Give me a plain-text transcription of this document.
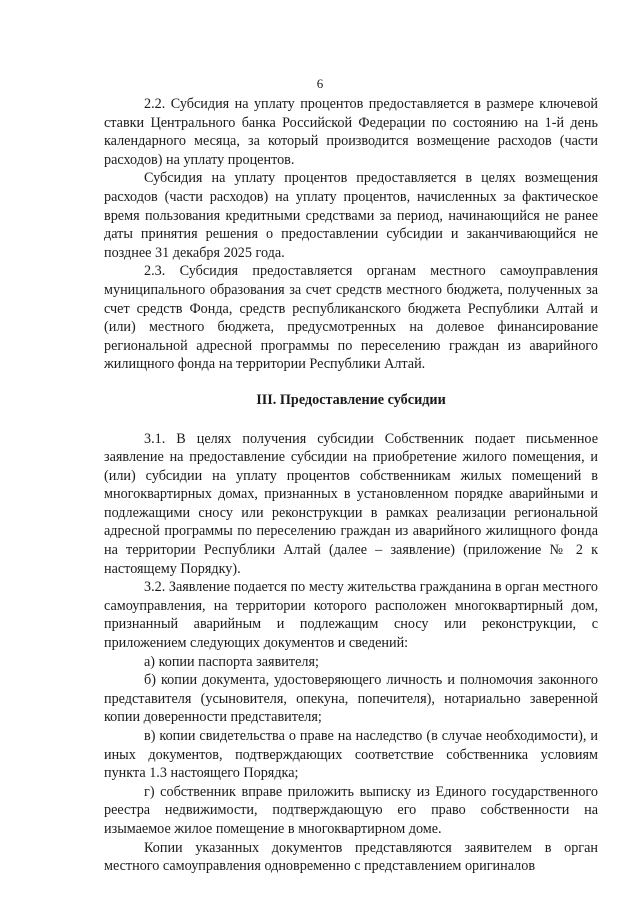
6

2.2. Субсидия на уплату процентов предоставляется в размере ключевой ставки Центрального банка Российской Федерации по состоянию на 1-й день календарного месяца, за который производится возмещение расходов (части расходов) на уплату процентов.

Субсидия на уплату процентов предоставляется в целях возмещения расходов (части расходов) на уплату процентов, начисленных за фактическое время пользования кредитными средствами за период, начинающийся не ранее даты принятия решения о предоставлении субсидии и заканчивающийся не позднее 31 декабря 2025 года.

2.3. Субсидия предоставляется органам местного самоуправления муниципального образования за счет средств местного бюджета, полученных за счет средств Фонда, средств республиканского бюджета Республики Алтай и (или) местного бюджета, предусмотренных на долевое финансирование региональной адресной программы по переселению граждан из аварийного жилищного фонда на территории Республики Алтай.

III. Предоставление субсидии

3.1. В целях получения субсидии Собственник подает письменное заявление на предоставление субсидии на приобретение жилого помещения, и (или) субсидии на уплату процентов собственникам жилых помещений в многоквартирных домах, признанных в установленном порядке аварийными и подлежащими сносу или реконструкции в рамках реализации региональной адресной программы по переселению граждан из аварийного жилищного фонда на территории Республики Алтай (далее – заявление) (приложение № 2 к настоящему Порядку).

3.2. Заявление подается по месту жительства гражданина в орган местного самоуправления, на территории которого расположен многоквартирный дом, признанный аварийным и подлежащим сносу или реконструкции, с приложением следующих документов и сведений:

а) копии паспорта заявителя;

б) копии документа, удостоверяющего личность и полномочия законного представителя (усыновителя, опекуна, попечителя), нотариально заверенной копии доверенности представителя;

в) копии свидетельства о праве на наследство (в случае необходимости), и иных документов, подтверждающих соответствие собственника условиям пункта 1.3 настоящего Порядка;

г) собственник вправе приложить выписку из Единого государственного реестра недвижимости, подтверждающую его право собственности на изымаемое жилое помещение в многоквартирном доме.

Копии указанных документов представляются заявителем в орган местного самоуправления одновременно с представлением оригиналов
